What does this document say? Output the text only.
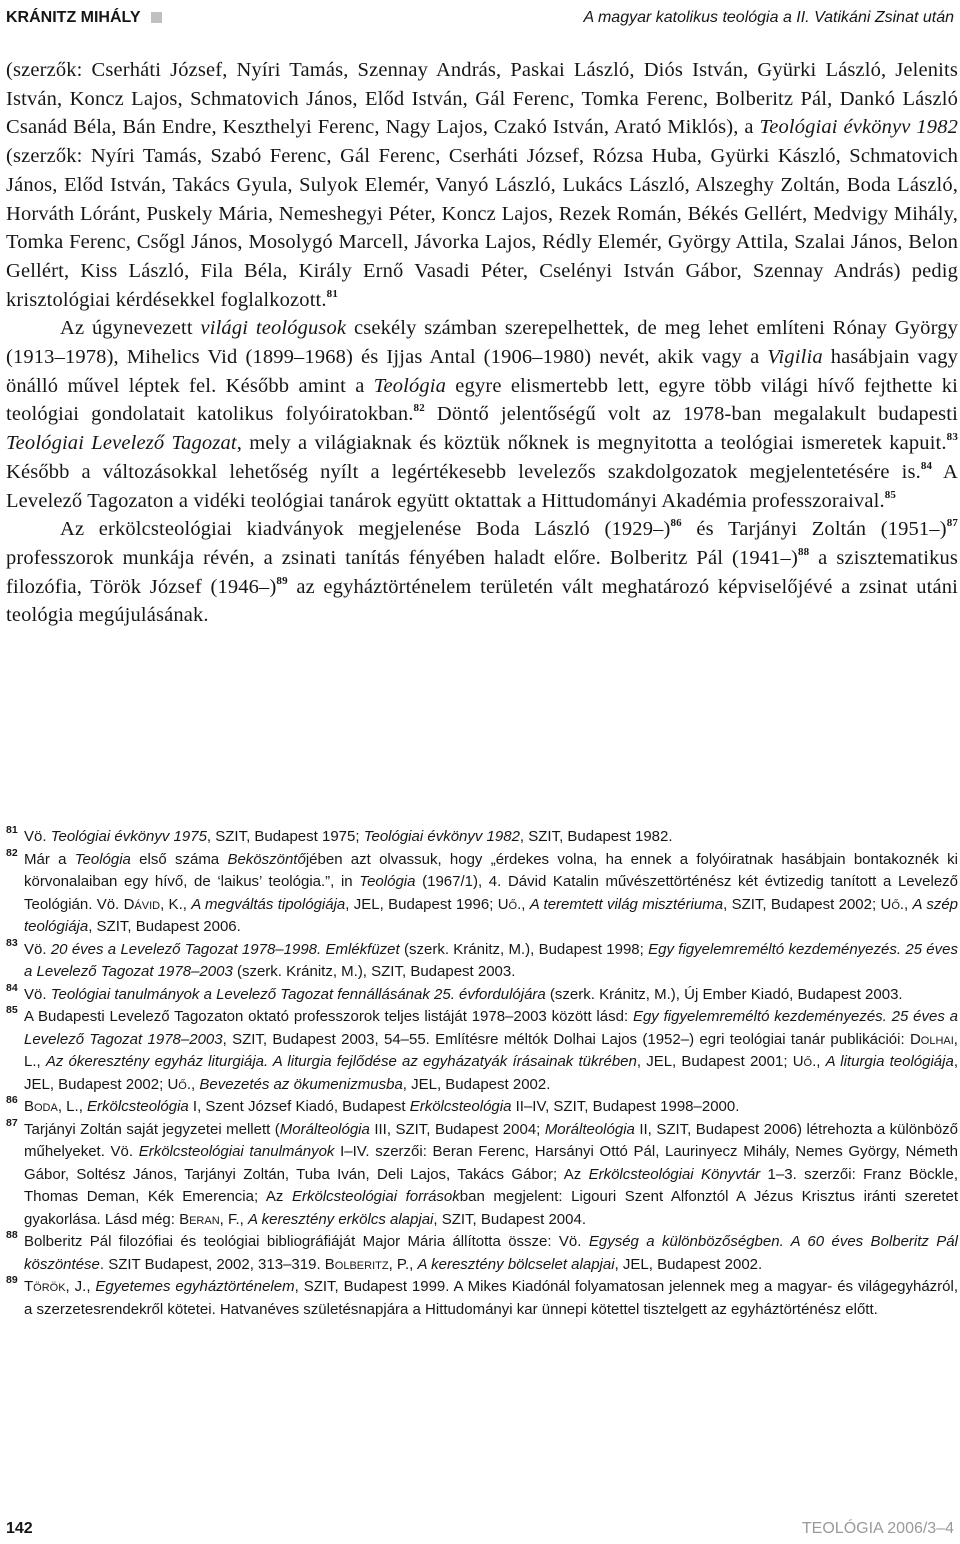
KRÁNITZ MIHÁLY	A magyar katolikus teológia a II. Vatikáni Zsinat után

(szerzők: Cserháti József, Nyíri Tamás, Szennay András, Paskai László, Diós István, Gyürki László, Jelenits István, Koncz Lajos, Schmatovich János, Előd István, Gál Ferenc, Tomka Ferenc, Bolberitz Pál, Dankó László Csanád Béla, Bán Endre, Keszthelyi Ferenc, Nagy Lajos, Czakó István, Arató Miklós), a Teológiai évkönyv 1982 (szerzők: Nyíri Tamás, Szabó Ferenc, Gál Ferenc, Cserháti József, Rózsa Huba, Gyürki Kászló, Schmatovich János, Előd István, Takács Gyula, Sulyok Elemér, Vanyó László, Lukács László, Alszeghy Zoltán, Boda László, Horváth Lóránt, Puskely Mária, Nemeshegyi Péter, Koncz Lajos, Rezek Román, Békés Gellért, Medvigy Mihály, Tomka Ferenc, Csőgl János, Mosolygó Marcell, Jávorka Lajos, Rédly Elemér, György Attila, Szalai János, Belon Gellért, Kiss László, Fila Béla, Király Ernő Vasadi Péter, Cselényi István Gábor, Szennay András) pedig krisztológiai kérdésekkel foglalkozott.$^{81}$

Az úgynevezett világi teológusok csekély számban szerepelhettek, de meg lehet említeni Rónay György (1913–1978), Mihelics Vid (1899–1968) és Ijjas Antal (1906–1980) nevét, akik vagy a Vigilia hasábjain vagy önálló művel léptek fel. Később amint a Teológia egyre elismertebb lett, egyre több világi hívő fejthette ki teológiai gondolatait katolikus folyóiratokban.$^{82}$ Döntő jelentőségű volt az 1978-ban megalakult budapesti Teológiai Levelező Tagozat, mely a világiaknak és köztük nőknek is megnyitotta a teológiai ismeretek kapuit.$^{83}$ Később a változásokkal lehetőség nyílt a legértékesebb levelezős szakdolgozatok megjelentetésére is.$^{84}$ A Levelező Tagozaton a vidéki teológiai tanárok együtt oktattak a Hittudományi Akadémia professzoraival.$^{85}$

Az erkölcsteológiai kiadványok megjelenése Boda László (1929–)$^{86}$ és Tarjányi Zoltán (1951–)$^{87}$ professzorok munkája révén, a zsinati tanítás fényében haladt előre. Bolberitz Pál (1941–)$^{88}$ a szisztematikus filozófia, Török József (1946–)$^{89}$ az egyháztörténelem területén vált meghatározó képviselőjévé a zsinat utáni teológia megújulásának.

81 Vö. Teológiai évkönyv 1975, SZIT, Budapest 1975; Teológiai évkönyv 1982, SZIT, Budapest 1982.

82 Már a Teológia első száma Beköszöntőjében azt olvassuk, hogy „érdekes volna, ha ennek a folyóiratnak hasábjain bontakoznék ki körvonalaiban egy hívő, de ‘laikus’ teológia.”, in Teológia (1967/1), 4. Dávid Katalin művészettörténész két évtizedig tanított a Levelező Teológián. Vö. Dávid, K., A megváltás tipológiája, JEL, Budapest 1996; Uő., A teremtett világ misztériuma, SZIT, Budapest 2002; Uő., A szép teológiája, SZIT, Budapest 2006.

83 Vö. 20 éves a Levelező Tagozat 1978–1998. Emlékfüzet (szerk. Kránitz, M.), Budapest 1998; Egy figyelemreméltó kezdeményezés. 25 éves a Levelező Tagozat 1978–2003 (szerk. Kránitz, M.), SZIT, Budapest 2003.

84 Vö. Teológiai tanulmányok a Levelező Tagozat fennállásának 25. évfordulójára (szerk. Kránitz, M.), Új Ember Kiadó, Budapest 2003.

85 A Budapesti Levelező Tagozaton oktató professzorok teljes listáját 1978–2003 között lásd: Egy figyelemreméltó kezdeményezés. 25 éves a Levelező Tagozat 1978–2003, SZIT, Budapest 2003, 54–55. Említésre méltók Dolhai Lajos (1952–) egri teológiai tanár publikációi: Dolhai, L., Az ókeresztény egyház liturgiája. A liturgia fejlődése az egyházatyák írásainak tükrében, JEL, Budapest 2001; Uő., A liturgia teológiája, JEL, Budapest 2002; Uő., Bevezetés az ökumenizmusba, JEL, Budapest 2002.

86 Boda, L., Erkölcsteológia I, Szent József Kiadó, Budapest Erkölcsteológia II–IV, SZIT, Budapest 1998–2000.

87 Tarjányi Zoltán saját jegyzetei mellett (Morálteológia III, SZIT, Budapest 2004; Morálteológia II, SZIT, Budapest 2006) létrehozta a különböző műhelyeket. Vö. Erkölcsteológiai tanulmányok I–IV. szerzői: Beran Ferenc, Harsányi Ottó Pál, Laurinyecz Mihály, Nemes György, Németh Gábor, Soltész János, Tarjányi Zoltán, Tuba Iván, Deli Lajos, Takács Gábor; Az Erkölcsteológiai Könyvtár 1–3. szerzői: Franz Böckle, Thomas Deman, Kék Emerencia; Az Erkölcsteológiai forrásokban megjelent: Ligouri Szent Alfonztól A Jézus Krisztus iránti szeretet gyakorlása. Lásd még: Beran, F., A keresztény erkölcs alapjai, SZIT, Budapest 2004.

88 Bolberitz Pál filozófiai és teológiai bibliográfiáját Major Mária állította össze: Vö. Egység a különbözőségben. A 60 éves Bolberitz Pál köszöntése. SZIT Budapest, 2002, 313–319. Bolberitz, P., A keresztény bölcselet alapjai, JEL, Budapest 2002.

89 Török, J., Egyetemes egyháztörténelem, SZIT, Budapest 1999. A Mikes Kiadónál folyamatosan jelennek meg a magyar- és világegyházról, a szerzetesrendekről kötetei. Hatvanéves születésnapjára a Hittudományi kar ünnepi kötettel tisztelgett az egyháztörténész előtt.

142	TEOLÓGIA 2006/3–4
